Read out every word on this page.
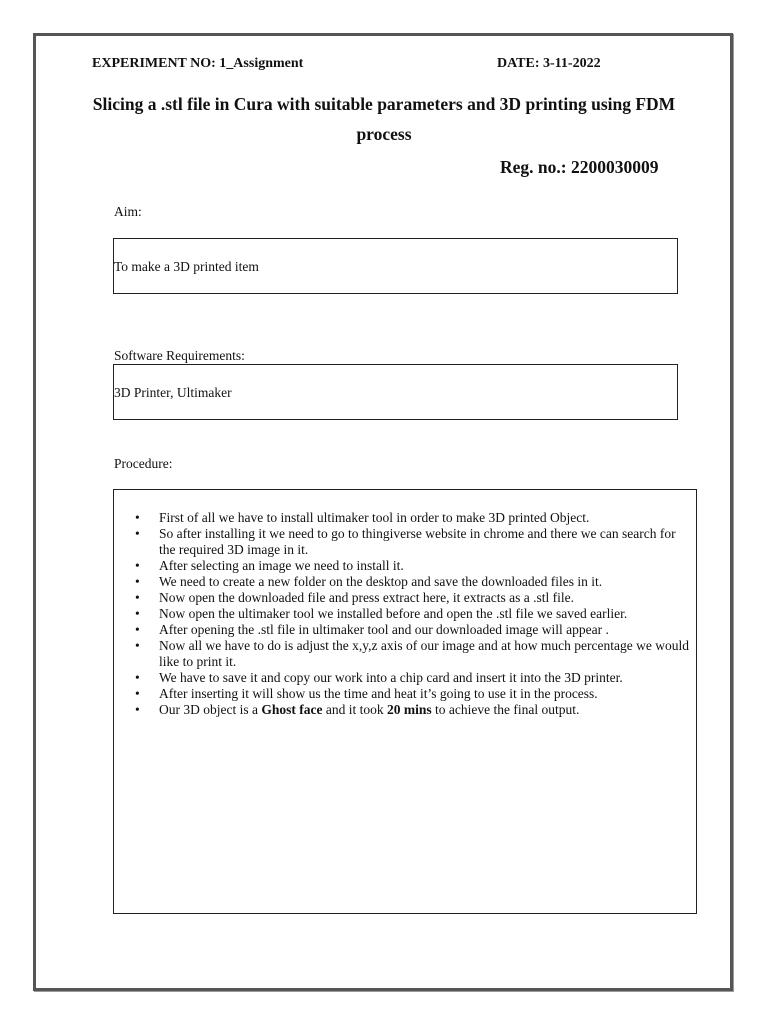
EXPERIMENT NO: 1_Assignment	DATE: 3-11-2022
Slicing a .stl file in Cura with suitable parameters and 3D printing using FDM
process
Reg. no.: 2200030009
Aim:
To make a 3D printed item
Software Requirements:
3D Printer, Ultimaker
Procedure:
• First of all we have to install ultimaker tool in order to make 3D printed Object.
• So after installing it we need to go to thingiverse website in chrome and there we can search for the required 3D image in it.
• After selecting an image we need to install it.
• We need to create a new folder on the desktop and save the downloaded files in it.
• Now open the downloaded file and press extract here, it extracts as a .stl file.
• Now open the ultimaker tool we installed before and open the .stl file we saved earlier.
• After opening the .stl file in ultimaker tool and our downloaded image will appear .
• Now all we have to do is adjust the x,y,z axis of our image and at how much percentage we would like to print it.
• We have to save it and copy our work into a chip card and insert it into the 3D printer.
• After inserting it will show us the time and heat it’s going to use it in the process.
• Our 3D object is a Ghost face and it took 20 mins to achieve the final output.
